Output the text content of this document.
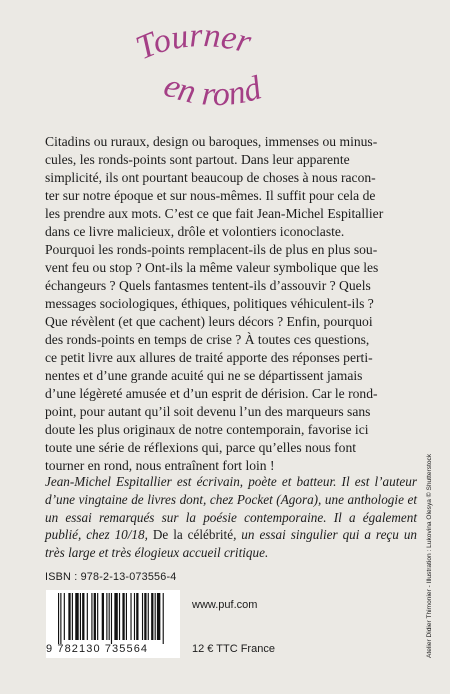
Tourner
en rond

Citadins ou ruraux, design ou baroques, immenses ou minus-

cules, les ronds-points sont partout. Dans leur apparente

simplicité, ils ont pourtant beaucoup de choses à nous racon-

ter sur notre époque et sur nous-mêmes. Il suffit pour cela de

les prendre aux mots. C’est ce que fait Jean-Michel Espitallier

dans ce livre malicieux, drôle et volontiers iconoclaste.

Pourquoi les ronds-points remplacent-ils de plus en plus sou-

vent feu ou stop ? Ont-ils la même valeur symbolique que les

échangeurs ? Quels fantasmes tentent-ils d’assouvir ? Quels

messages sociologiques, éthiques, politiques véhiculent-ils ?

Que révèlent (et que cachent) leurs décors ? Enfin, pourquoi

des ronds-points en temps de crise ? À toutes ces questions,

ce petit livre aux allures de traité apporte des réponses perti-

nentes et d’une grande acuité qui ne se départissent jamais

d’une légèreté amusée et d’un esprit de dérision. Car le rond-

point, pour autant qu’il soit devenu l’un des marqueurs sans

doute les plus originaux de notre contemporain, favorise ici

toute une série de réflexions qui, parce qu’elles nous font

tourner en rond, nous entraînent fort loin !

Jean-Michel Espitallier est écrivain, poète et batteur. Il est l’auteur d’une vingtaine de livres dont, chez Pocket (Agora), une anthologie et un essai remarqués sur la poésie contemporaine. Il a également publié, chez 10/18, De la célébrité, un essai singulier qui a reçu un très large et très élogieux accueil critique.
ISBN : 978-2-13-073556-4
9 782130 735564
www.puf.com
12 € TTC France	Atelier Didier Thimonier - Illustration : Lukovina Olesya © Shutterstock
